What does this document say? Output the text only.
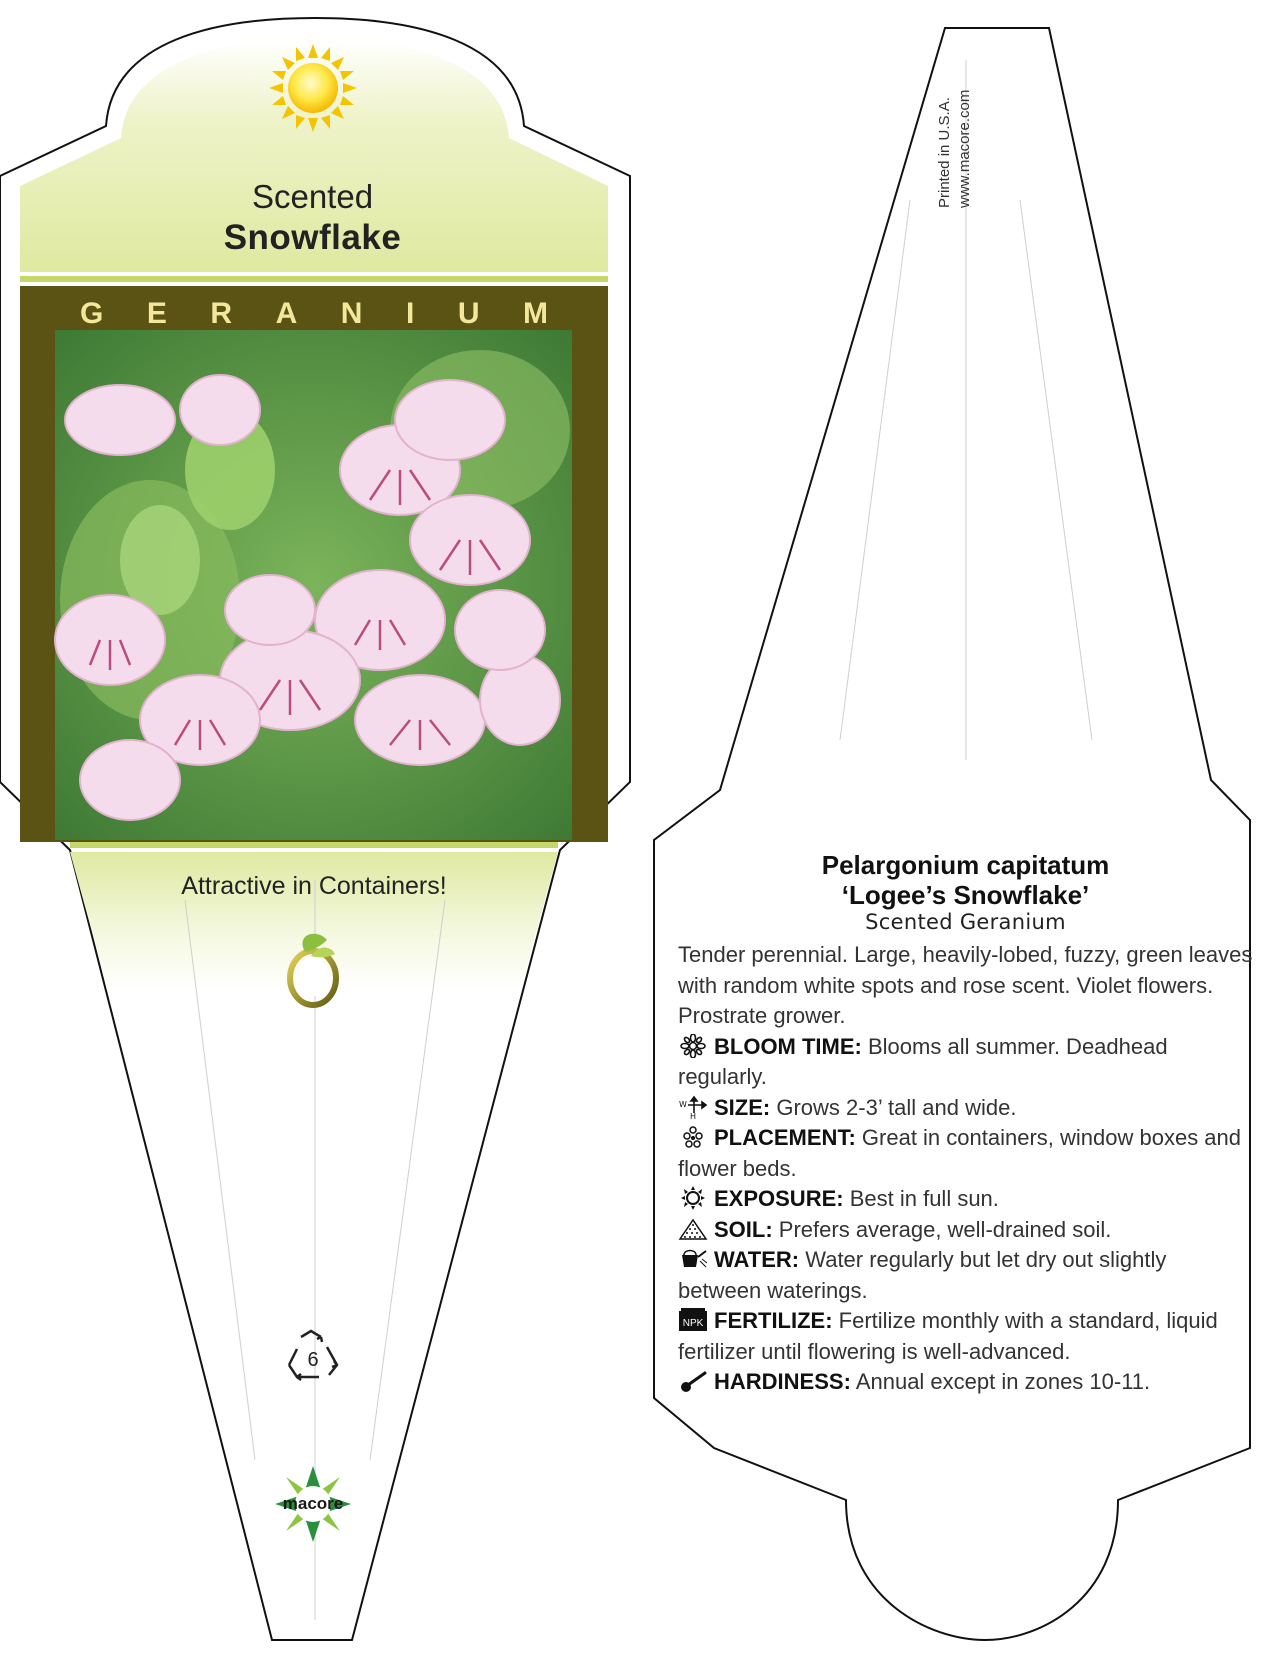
Scented
Snowflake
G E R A N I U M
Attractive in Containers!
6
macore
Printed in U.S.A. www.macore.com
Pelargonium capitatum
‘Logee’s Snowflake’
Scented Geranium
Tender perennial. Large, heavily-lobed, fuzzy, green leaves with random white spots and rose scent. Violet flowers. Prostrate grower.
BLOOM TIME: Blooms all summer. Deadhead regularly.
W
H SIZE: Grows 2-3’ tall and wide.
PLACEMENT: Great in containers, window boxes and flower beds.
EXPOSURE: Best in full sun.
SOIL: Prefers average, well-drained soil.
WATER: Water regularly but let dry out slightly between waterings.
NPK FERTILIZE: Fertilize monthly with a standard, liquid fertilizer until flowering is well-advanced.
HARDINESS: Annual except in zones 10-11.
